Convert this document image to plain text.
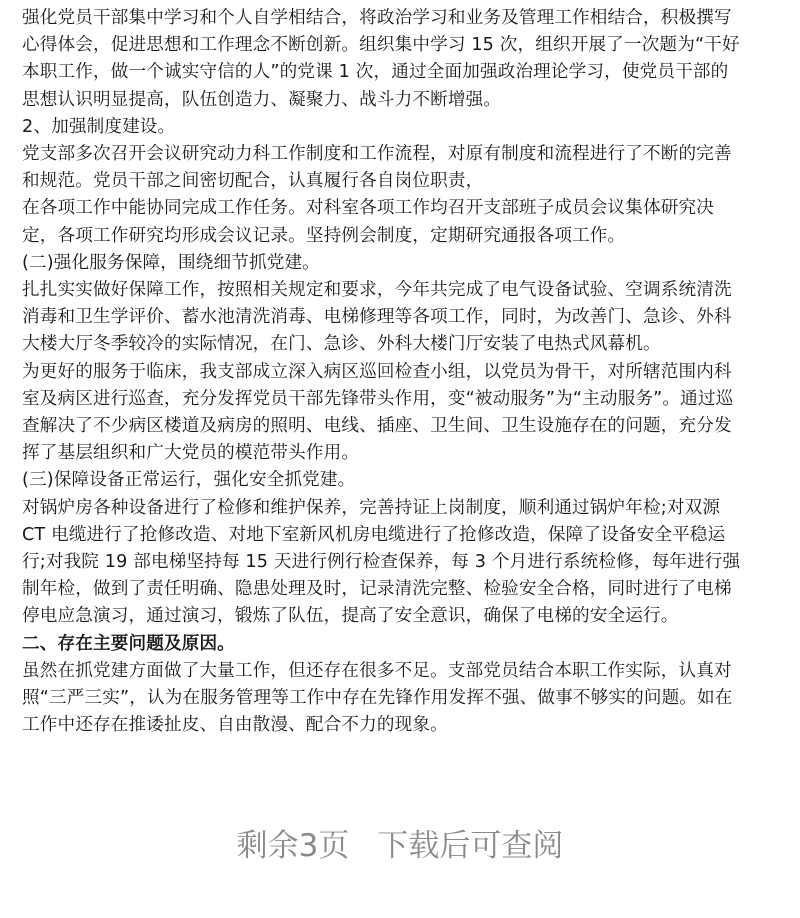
强化党员干部集中学习和个人自学相结合，将政治学习和业务及管理工作相结合，积极撰写

心得体会，促进思想和工作理念不断创新。组织集中学习 15 次，组织开展了一次题为“干好

本职工作，做一个诚实守信的人”的党课 1 次，通过全面加强政治理论学习，使党员干部的

思想认识明显提高，队伍创造力、凝聚力、战斗力不断增强。

2、加强制度建设。

党支部多次召开会议研究动力科工作制度和工作流程，对原有制度和流程进行了不断的完善

和规范。党员干部之间密切配合，认真履行各自岗位职责，

在各项工作中能协同完成工作任务。对科室各项工作均召开支部班子成员会议集体研究决

定，各项工作研究均形成会议记录。坚持例会制度，定期研究通报各项工作。

(二)强化服务保障，围绕细节抓党建。

扎扎实实做好保障工作，按照相关规定和要求，今年共完成了电气设备试验、空调系统清洗

消毒和卫生学评价、蓄水池清洗消毒、电梯修理等各项工作，同时，为改善门、急诊、外科

大楼大厅冬季较冷的实际情况，在门、急诊、外科大楼门厅安装了电热式风幕机。

为更好的服务于临床，我支部成立深入病区巡回检查小组，以党员为骨干，对所辖范围内科

室及病区进行巡查，充分发挥党员干部先锋带头作用，变“被动服务”为“主动服务”。通过巡

查解决了不少病区楼道及病房的照明、电线、插座、卫生间、卫生设施存在的问题，充分发

挥了基层组织和广大党员的模范带头作用。

(三)保障设备正常运行，强化安全抓党建。

对锅炉房各种设备进行了检修和维护保养，完善持证上岗制度，顺利通过锅炉年检;对双源

CT 电缆进行了抢修改造、对地下室新风机房电缆进行了抢修改造，保障了设备安全平稳运

行;对我院 19 部电梯坚持每 15 天进行例行检查保养，每 3 个月进行系统检修，每年进行强

制年检，做到了责任明确、隐患处理及时，记录清洗完整、检验安全合格，同时进行了电梯

停电应急演习，通过演习，锻炼了队伍，提高了安全意识，确保了电梯的安全运行。

二、存在主要问题及原因。

虽然在抓党建方面做了大量工作，但还存在很多不足。支部党员结合本职工作实际，认真对

照“三严三实”，认为在服务管理等工作中存在先锋作用发挥不强、做事不够实的问题。如在

工作中还存在推诿扯皮、自由散漫、配合不力的现象。

剩余3页 下载后可查阅
